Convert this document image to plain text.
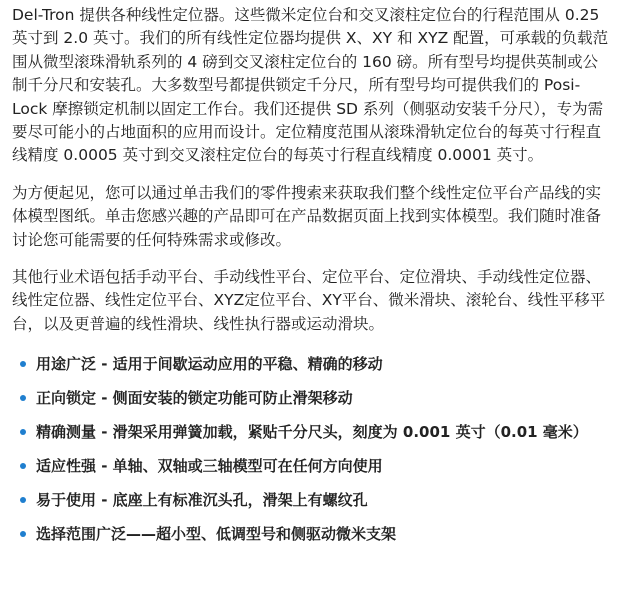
Del-Tron 提供各种线性定位器。这些微米定位台和交叉滚柱定位台的行程范围从 0.25 英寸到 2.0 英寸。我们的所有线性定位器均提供 X、XY 和 XYZ 配置，可承载的负载范围从微型滚珠滑轨系列的 4 磅到交叉滚柱定位台的 160 磅。所有型号均提供英制或公制千分尺和安装孔。大多数型号都提供锁定千分尺，所有型号均可提供我们的 Posi-Lock 摩擦锁定机制以固定工作台。我们还提供 SD 系列（侧驱动安装千分尺），专为需要尽可能小的占地面积的应用而设计。定位精度范围从滚珠滑轨定位台的每英寸行程直线精度 0.0005 英寸到交叉滚柱定位台的每英寸行程直线精度 0.0001 英寸。

为方便起见，您可以通过单击我们的零件搜索来获取我们整个线性定位平台产品线的实体模型图纸。单击您感兴趣的产品即可在产品数据页面上找到实体模型。我们随时准备讨论您可能需要的任何特殊需求或修改。

其他行业术语包括手动平台、手动线性平台、定位平台、定位滑块、手动线性定位器、线性定位器、线性定位平台、XYZ定位平台、XY平台、微米滑块、滚轮台、线性平移平台，以及更普遍的线性滑块、线性执行器或运动滑块。

用途广泛 - 适用于间歇运动应用的平稳、精确的移动
正向锁定 - 侧面安装的锁定功能可防止滑架移动
精确测量 - 滑架采用弹簧加载，紧贴千分尺头，刻度为 0.001 英寸（0.01 毫米）
适应性强 - 单轴、双轴或三轴模型可在任何方向使用
易于使用 - 底座上有标准沉头孔，滑架上有螺纹孔
选择范围广泛——超小型、低调型号和侧驱动微米支架
